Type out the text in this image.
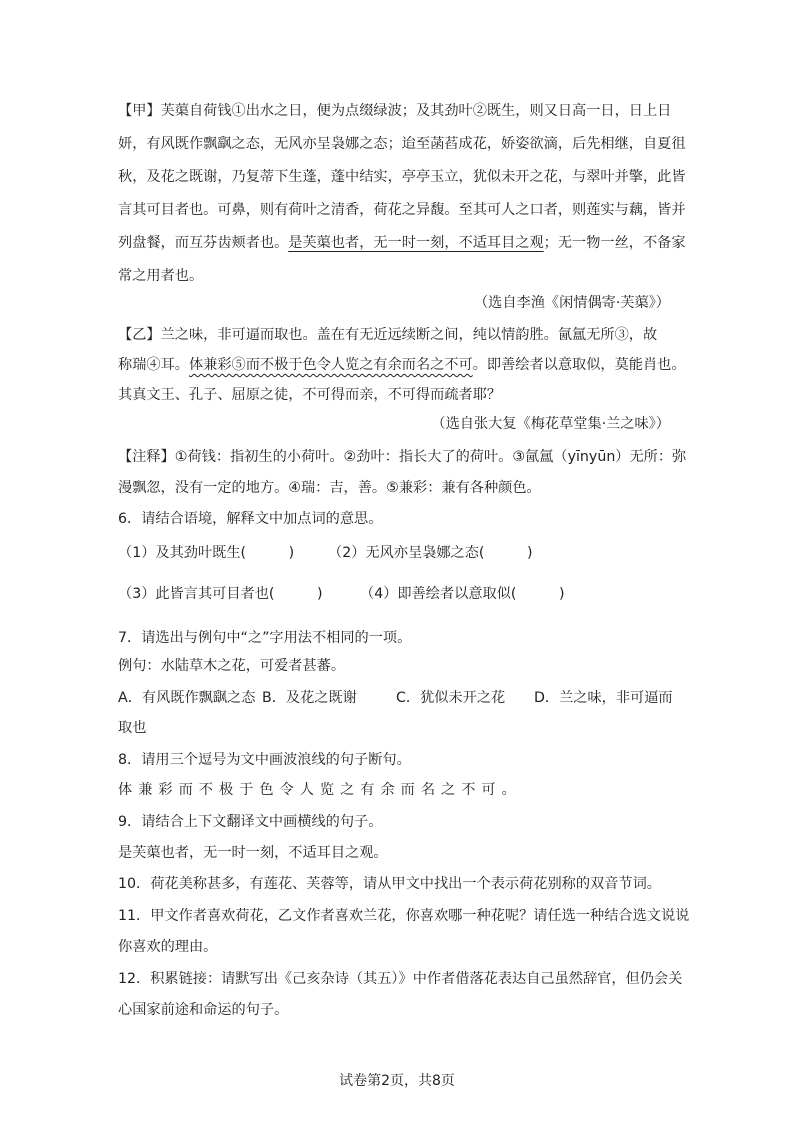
【甲】芙蕖自荷钱①出水之日，便为点缀绿波；及其劲叶②既生，则又日高一日，日上日
妍，有风既作飘飖之态，无风亦呈袅娜之态；迨至菡萏成花，娇姿欲滴，后先相继，自夏徂
秋，及花之既谢，乃复蒂下生蓬，蓬中结实，亭亭玉立，犹似未开之花，与翠叶并擎，此皆
言其可目者也。可鼻，则有荷叶之清香，荷花之异馥。至其可人之口者，则莲实与藕，皆并
列盘餐，而互芬齿颊者也。是芙蕖也者，无一时一刻，不适耳目之观；无一物一丝，不备家
常之用者也。
（选自李渔《闲情偶寄·芙蕖》）
【乙】兰之味，非可逼而取也。盖在有无近远续断之间，纯以情韵胜。氤氲无所③，故
称瑞④耳。体兼彩⑤而不极于色令人览之有余而名之不可。即善绘者以意取似，莫能肖也。
其真文王、孔子、屈原之徒，不可得而亲，不可得而疏者耶？
（选自张大复《梅花草堂集·兰之味》）
【注释】①荷钱：指初生的小荷叶。②劲叶：指长大了的荷叶。③氤氲（yīnyūn）无所：弥
漫飘忽，没有一定的地方。④瑞：吉，善。⑤兼彩：兼有各种颜色。
6．请结合语境，解释文中加点词的意思。
（1）及其劲叶既生(　　　) （2）无风亦呈袅娜之态(　　　)
（3）此皆言其可目者也(　　　)	（4）即善绘者以意取似(　　　)
7．请选出与例句中“之”字用法不相同的一项。
例句：水陆草木之花，可爱者甚蕃。
A．有风既作飘飖之态 B．及花之既谢	C．犹似未开之花 D．兰之味，非可逼而
取也
8．请用三个逗号为文中画波浪线的句子断句。
体兼彩而不极于色令人览之有余而名之不可。
9．请结合上下文翻译文中画横线的句子。
是芙蕖也者，无一时一刻，不适耳目之观。
10．荷花美称甚多，有莲花、芙蓉等，请从甲文中找出一个表示荷花别称的双音节词。
11．甲文作者喜欢荷花，乙文作者喜欢兰花，你喜欢哪一种花呢？请任选一种结合选文说说
你喜欢的理由。
12．积累链接：请默写出《己亥杂诗（其五）》中作者借落花表达自己虽然辞官，但仍会关
心国家前途和命运的句子。
试卷第2页，共8页
